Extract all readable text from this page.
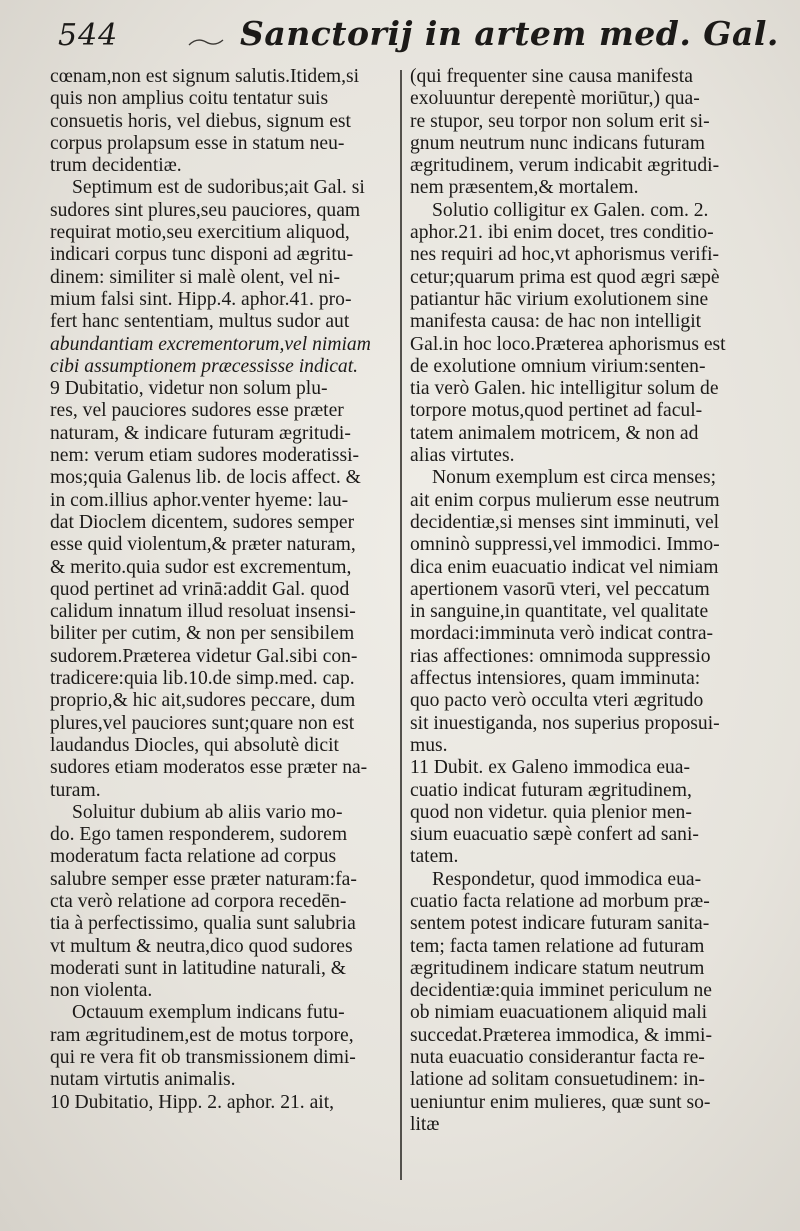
544	Sanctorij in artem med. Gal.
cœnam,non est signum salutis.Itidem,si
quis non amplius coitu tentatur suis
consuetis horis, vel diebus, signum est
corpus prolapsum esse in statum neu-
trum decidentiæ.
Septimum est de sudoribus;ait Gal. si
sudores sint plures,seu pauciores, quam
requirat motio,seu exercitium aliquod,
indicari corpus tunc disponi ad ægritu-
dinem: similiter si malè olent, vel ni-
mium falsi sint. Hipp.4. aphor.41. pro-
fert hanc sententiam, multus sudor aut
abundantiam excrementorum,vel nimiam
cibi assumptionem præcessisse indicat.
9 Dubitatio, videtur non solum plu-
res, vel pauciores sudores esse præter
naturam, & indicare futuram ægritudi-
nem: verum etiam sudores moderatissi-
mos;quia Galenus lib. de locis affect. &
in com.illius aphor.venter hyeme: lau-
dat Dioclem dicentem, sudores semper
esse quid violentum,& præter naturam,
& merito.quia sudor est excrementum,
quod pertinet ad vrinā:addit Gal. quod
calidum innatum illud resoluat insensi-
biliter per cutim, & non per sensibilem
sudorem.Præterea videtur Gal.sibi con-
tradicere:quia lib.10.de simp.med. cap.
proprio,& hic ait,sudores peccare, dum
plures,vel pauciores sunt;quare non est
laudandus Diocles, qui absolutè dicit
sudores etiam moderatos esse præter na-
turam.
Soluitur dubium ab aliis vario mo-
do. Ego tamen responderem, sudorem
moderatum facta relatione ad corpus
salubre semper esse præter naturam:fa-
cta verò relatione ad corpora recedēn-
tia à perfectissimo, qualia sunt salubria
vt multum & neutra,dico quod sudores
moderati sunt in latitudine naturali, &
non violenta.
Octauum exemplum indicans futu-
ram ægritudinem,est de motus torpore,
qui re vera fit ob transmissionem dimi-
nutam virtutis animalis.
10 Dubitatio, Hipp. 2. aphor. 21. ait,
(qui frequenter sine causa manifesta
exoluuntur derepentè moriūtur,) qua-
re stupor, seu torpor non solum erit si-
gnum neutrum nunc indicans futuram
ægritudinem, verum indicabit ægritudi-
nem præsentem,& mortalem.
Solutio colligitur ex Galen. com. 2.
aphor.21. ibi enim docet, tres conditio-
nes requiri ad hoc,vt aphorismus verifi-
cetur;quarum prima est quod ægri sæpè
patiantur hāc virium exolutionem sine
manifesta causa: de hac non intelligit
Gal.in hoc loco.Præterea aphorismus est
de exolutione omnium virium:senten-
tia verò Galen. hic intelligitur solum de
torpore motus,quod pertinet ad facul-
tatem animalem motricem, & non ad
alias virtutes.
Nonum exemplum est circa menses;
ait enim corpus mulierum esse neutrum
decidentiæ,si menses sint imminuti, vel
omninò suppressi,vel immodici. Immo-
dica enim euacuatio indicat vel nimiam
apertionem vasorū vteri, vel peccatum
in sanguine,in quantitate, vel qualitate
mordaci:imminuta verò indicat contra-
rias affectiones: omnimoda suppressio
affectus intensiores, quam imminuta:
quo pacto verò occulta vteri ægritudo
sit inuestiganda, nos superius proposui-
mus.
11 Dubit. ex Galeno immodica eua-
cuatio indicat futuram ægritudinem,
quod non videtur. quia plenior men-
sium euacuatio sæpè confert ad sani-
tatem.
Respondetur, quod immodica eua-
cuatio facta relatione ad morbum præ-
sentem potest indicare futuram sanita-
tem; facta tamen relatione ad futuram
ægritudinem indicare statum neutrum
decidentiæ:quia imminet periculum ne
ob nimiam euacuationem aliquid mali
succedat.Præterea immodica, & immi-
nuta euacuatio considerantur facta re-
latione ad solitam consuetudinem: in-
ueniuntur enim mulieres, quæ sunt so-
litæ
